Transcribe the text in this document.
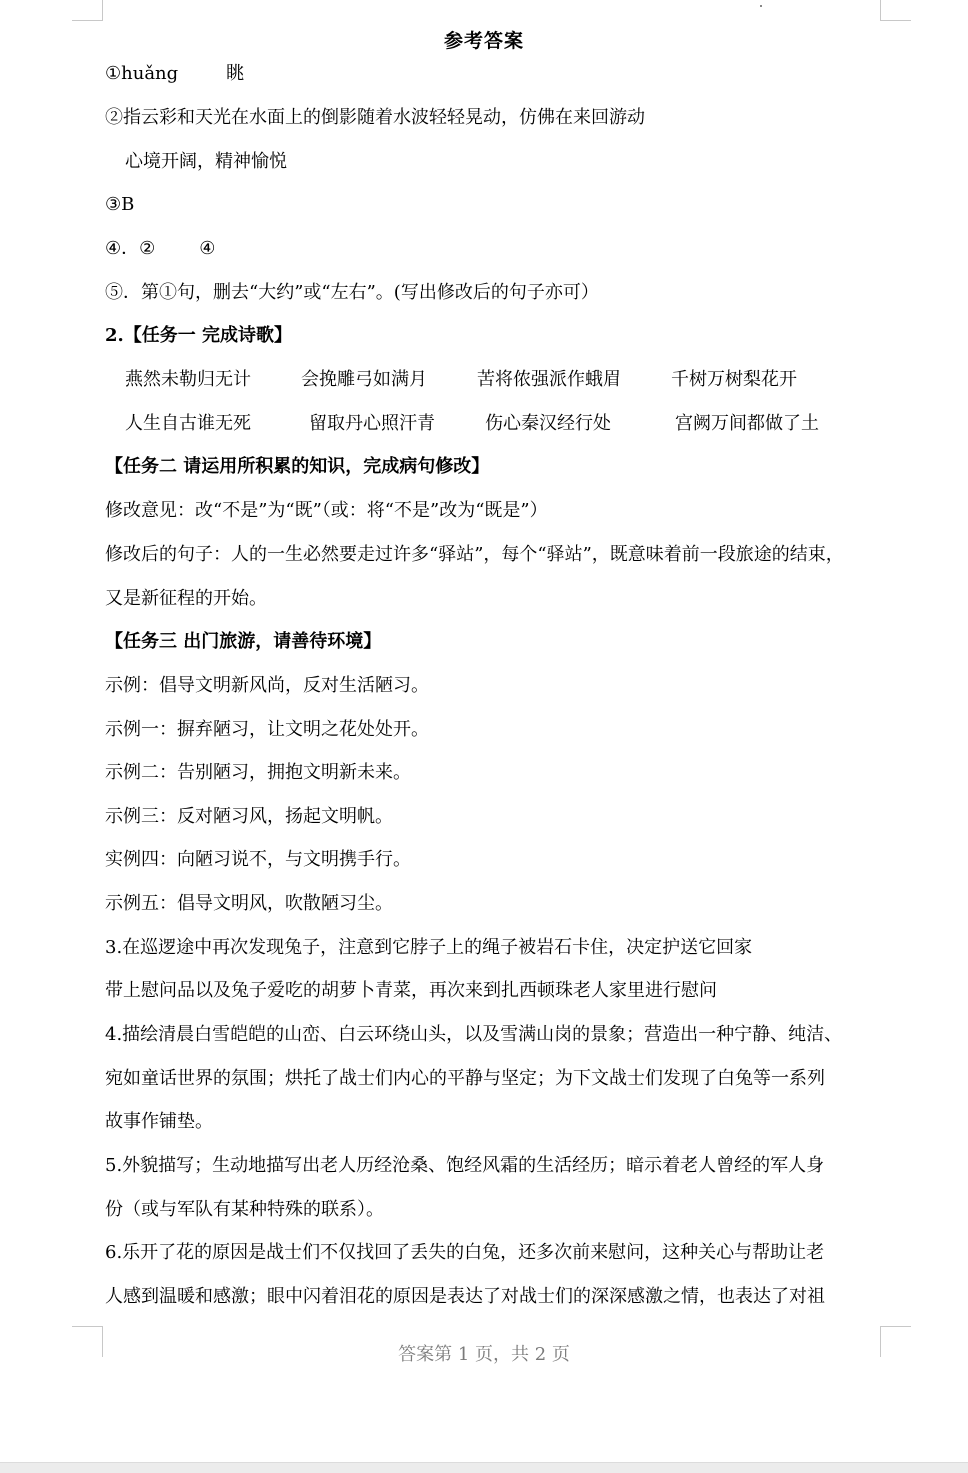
参考答案
①huǎng	眺
②指云彩和天光在水面上的倒影随着水波轻轻晃动，仿佛在来回游动
心境开阔，精神愉悦
③B
④．② ④
⑤．第①句，删去“大约”或“左右”。(写出修改后的句子亦可）
2.【任务一 完成诗歌】
燕然未勒归无计	会挽雕弓如满月	苦将侬强派作蛾眉	千树万树梨花开
人生自古谁无死	留取丹心照汗青	伤心秦汉经行处	宫阙万间都做了土
【任务二 请运用所积累的知识，完成病句修改】
修改意见：改“不是”为“既”（或：将“不是”改为“既是”）
修改后的句子：人的一生必然要走过许多“驿站”，每个“驿站”，既意味着前一段旅途的结束，
又是新征程的开始。
【任务三 出门旅游，请善待环境】
示例：倡导文明新风尚，反对生活陋习。
示例一：摒弃陋习，让文明之花处处开。
示例二：告别陋习，拥抱文明新未来。
示例三：反对陋习风，扬起文明帆。
实例四：向陋习说不，与文明携手行。
示例五：倡导文明风，吹散陋习尘。
3.在巡逻途中再次发现兔子，注意到它脖子上的绳子被岩石卡住，决定护送它回家
带上慰问品以及兔子爱吃的胡萝卜青菜，再次来到扎西顿珠老人家里进行慰问
4.描绘清晨白雪皑皑的山峦、白云环绕山头，以及雪满山岗的景象；营造出一种宁静、纯洁、
宛如童话世界的氛围；烘托了战士们内心的平静与坚定；为下文战士们发现了白兔等一系列
故事作铺垫。
5.外貌描写；生动地描写出老人历经沧桑、饱经风霜的生活经历；暗示着老人曾经的军人身
份（或与军队有某种特殊的联系）。
6.乐开了花的原因是战士们不仅找回了丢失的白兔，还多次前来慰问，这种关心与帮助让老
人感到温暖和感激；眼中闪着泪花的原因是表达了对战士们的深深感激之情，也表达了对祖
答案第 1 页，共 2 页
